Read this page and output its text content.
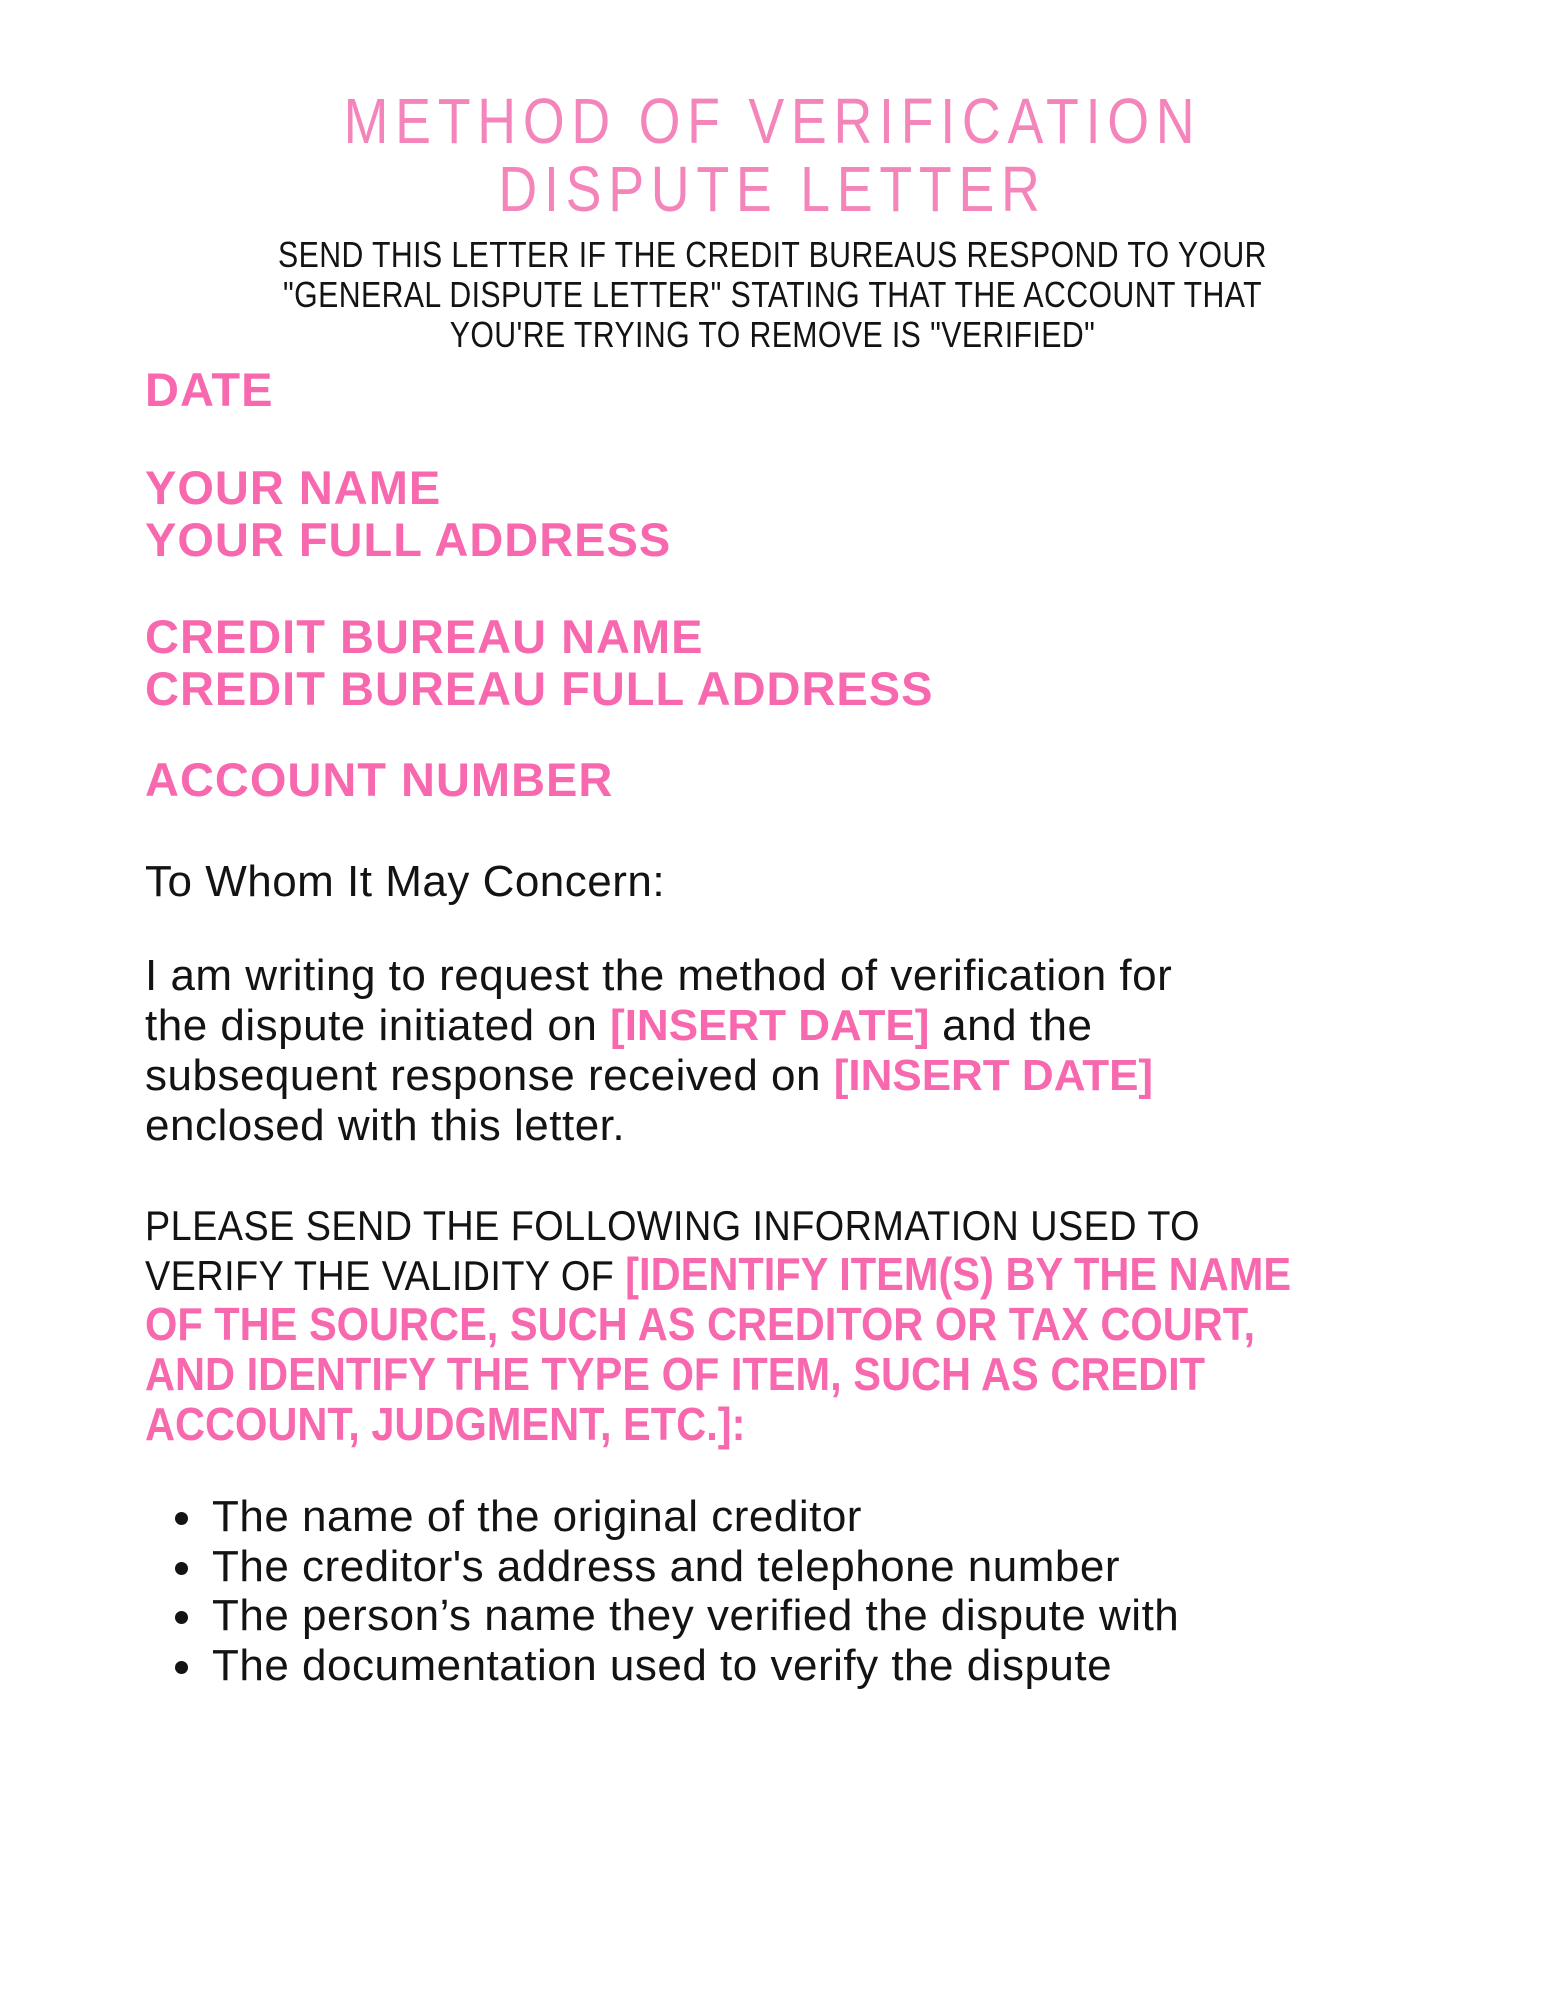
METHOD OF VERIFICATION
DISPUTE LETTER
SEND THIS LETTER IF THE CREDIT BUREAUS RESPOND TO YOUR
"GENERAL DISPUTE LETTER" STATING THAT THE ACCOUNT THAT
YOU'RE TRYING TO REMOVE IS "VERIFIED"
DATE
YOUR NAME
YOUR FULL ADDRESS
CREDIT BUREAU NAME
CREDIT BUREAU FULL ADDRESS
ACCOUNT NUMBER
To Whom It May Concern:
I am writing to request the method of verification for
the dispute initiated on [INSERT DATE] and the
subsequent response received on [INSERT DATE]
enclosed with this letter.
PLEASE SEND THE FOLLOWING INFORMATION USED TO
VERIFY THE VALIDITY OF [IDENTIFY ITEM(S) BY THE NAME
OF THE SOURCE, SUCH AS CREDITOR OR TAX COURT,
AND IDENTIFY THE TYPE OF ITEM, SUCH AS CREDIT
ACCOUNT, JUDGMENT, ETC.]:
The name of the original creditor
The creditor's address and telephone number
The person’s name they verified the dispute with
The documentation used to verify the dispute
